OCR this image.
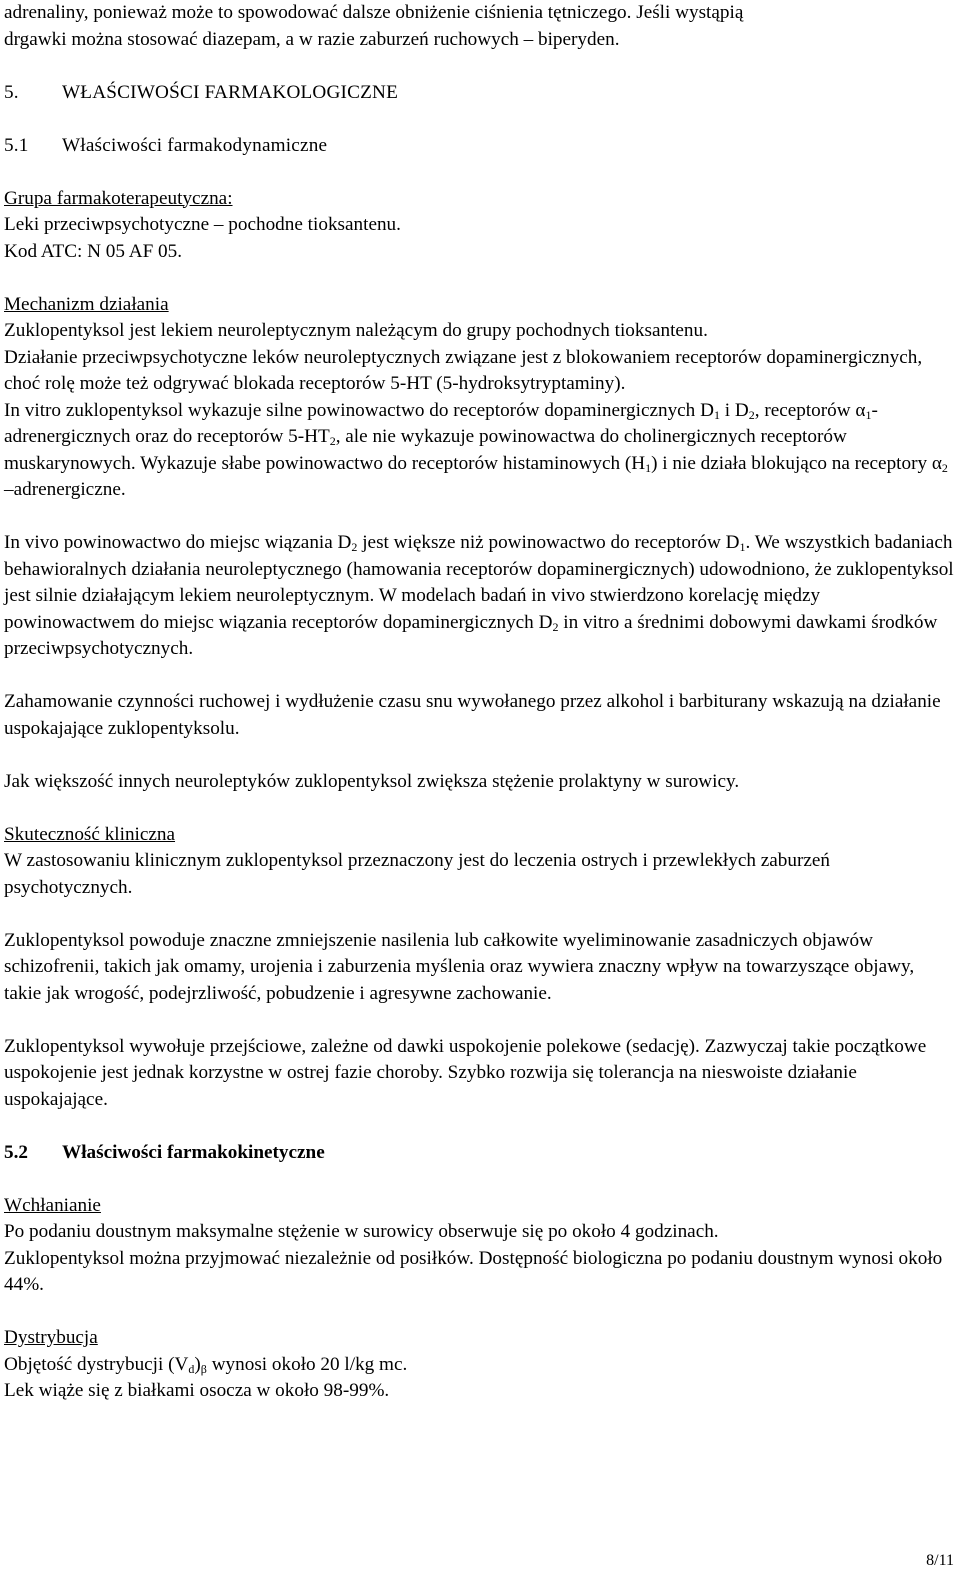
adrenaliny, ponieważ może to spowodować dalsze obniżenie ciśnienia tętniczego. Jeśli wystąpią

drgawki można stosować diazepam, a w razie zaburzeń ruchowych – biperyden.

5. WŁAŚCIWOŚCI FARMAKOLOGICZNE

5.1 Właściwości farmakodynamiczne

Grupa farmakoterapeutyczna:

Leki przeciwpsychotyczne – pochodne tioksantenu.

Kod ATC: N 05 AF 05.

Mechanizm działania

Zuklopentyksol jest lekiem neuroleptycznym należącym do grupy pochodnych tioksantenu.

Działanie przeciwpsychotyczne leków neuroleptycznych związane jest z blokowaniem receptorów dopaminergicznych, choć rolę może też odgrywać blokada receptorów 5-HT (5-hydroksytryptaminy).

In vitro zuklopentyksol wykazuje silne powinowactwo do receptorów dopaminergicznych $D_1$ i $D_2$, receptorów $\alpha_1-$ adrenergicznych oraz do receptorów $5-HT_2$, ale nie wykazuje powinowactwa do cholinergicznych receptorów muskarynowych. Wykazuje słabe powinowactwo do receptorów histaminowych $(H_1)$ i nie działa blokująco na receptory $\alpha_2$ –adrenergiczne.

In vivo powinowactwo do miejsc wiązania $D_2$ jest większe niż powinowactwo do receptorów $D_1$. We wszystkich badaniach behawioralnych działania neuroleptycznego (hamowania receptorów dopaminergicznych) udowodniono, że zuklopentyksol jest silnie działającym lekiem neuroleptycznym. W modelach badań in vivo stwierdzono korelację między powinowactwem do miejsc wiązania receptorów dopaminergicznych $D_2$ in vitro a średnimi dobowymi dawkami środków przeciwpsychotycznych.

Zahamowanie czynności ruchowej i wydłużenie czasu snu wywołanego przez alkohol i barbiturany wskazują na działanie uspokajające zuklopentyksolu.

Jak większość innych neuroleptyków zuklopentyksol zwiększa stężenie prolaktyny w surowicy.

Skuteczność kliniczna

W zastosowaniu klinicznym zuklopentyksol przeznaczony jest do leczenia ostrych i przewlekłych zaburzeń psychotycznych.

Zuklopentyksol powoduje znaczne zmniejszenie nasilenia lub całkowite wyeliminowanie zasadniczych objawów schizofrenii, takich jak omamy, urojenia i zaburzenia myślenia oraz wywiera znaczny wpływ na towarzyszące objawy, takie jak wrogość, podejrzliwość, pobudzenie i agresywne zachowanie.

Zuklopentyksol wywołuje przejściowe, zależne od dawki uspokojenie polekowe (sedację). Zazwyczaj takie początkowe uspokojenie jest jednak korzystne w ostrej fazie choroby. Szybko rozwija się tolerancja na nieswoiste działanie uspokajające.

5.2 Właściwości farmakokinetyczne

Wchłanianie

Po podaniu doustnym maksymalne stężenie w surowicy obserwuje się po około 4 godzinach.

Zuklopentyksol można przyjmować niezależnie od posiłków. Dostępność biologiczna po podaniu doustnym wynosi około 44%.

Dystrybucja

Objętość dystrybucji $(V_d)_\beta$ wynosi około 20 l/kg mc.

Lek wiąże się z białkami osocza w około 98-99%.

8/11
